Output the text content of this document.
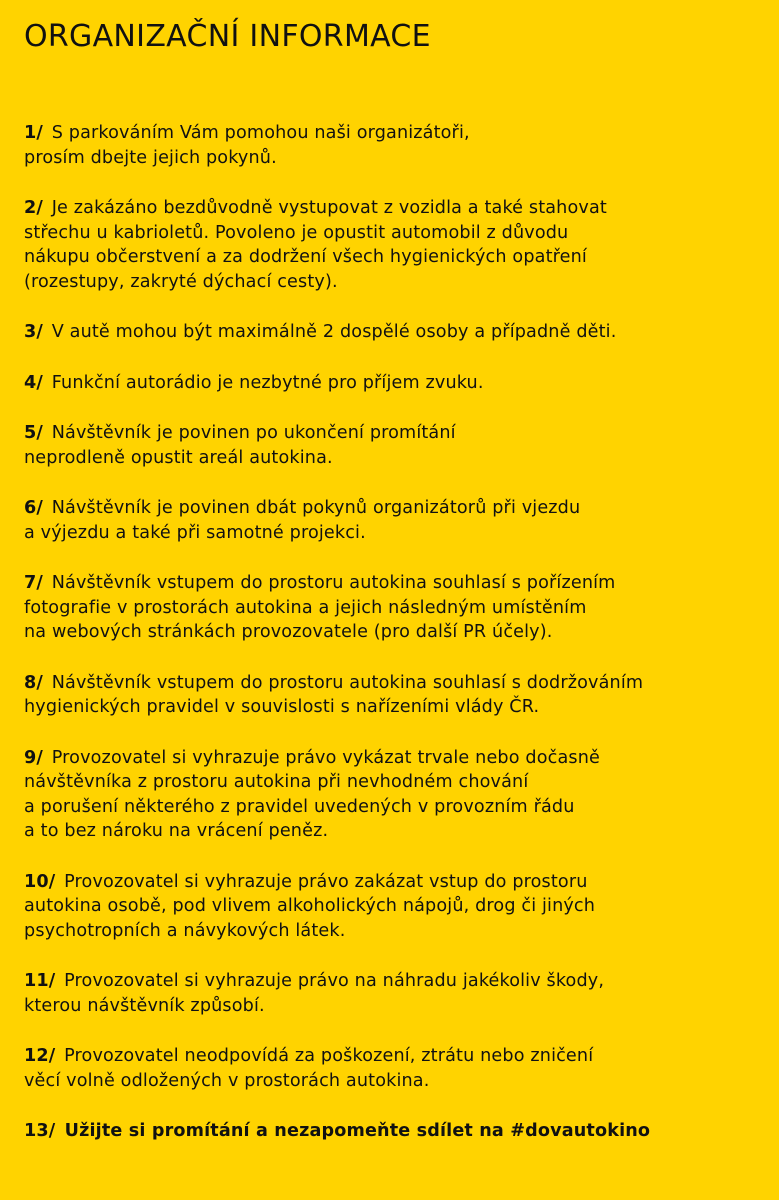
ORGANIZAČNÍ INFORMACE

1/ S parkováním Vám pomohou naši organizátoři,
prosím dbejte jejich pokynů.

2/ Je zakázáno bezdůvodně vystupovat z vozidla a také stahovat
střechu u kabrioletů. Povoleno je opustit automobil z důvodu
nákupu občerstvení a za dodržení všech hygienických opatření
(rozestupy, zakryté dýchací cesty).

3/ V autě mohou být maximálně 2 dospělé osoby a případně děti.

4/ Funkční autorádio je nezbytné pro příjem zvuku.

5/ Návštěvník je povinen po ukončení promítání
neprodleně opustit areál autokina.

6/ Návštěvník je povinen dbát pokynů organizátorů při vjezdu
a výjezdu a také při samotné projekci.

7/ Návštěvník vstupem do prostoru autokina souhlasí s pořízením
fotografie v prostorách autokina a jejich následným umístěním
na webových stránkách provozovatele (pro další PR účely).

8/ Návštěvník vstupem do prostoru autokina souhlasí s dodržováním
hygienických pravidel v souvislosti s nařízeními vlády ČR.

9/ Provozovatel si vyhrazuje právo vykázat trvale nebo dočasně
návštěvníka z prostoru autokina při nevhodném chování
a porušení některého z pravidel uvedených v provozním řádu
a to bez nároku na vrácení peněz.

10/ Provozovatel si vyhrazuje právo zakázat vstup do prostoru
autokina osobě, pod vlivem alkoholických nápojů, drog či jiných
psychotropních a návykových látek.

11/ Provozovatel si vyhrazuje právo na náhradu jakékoliv škody,
kterou návštěvník způsobí.

12/ Provozovatel neodpovídá za poškození, ztrátu nebo zničení
věcí volně odložených v prostorách autokina.

13/ Užijte si promítání a nezapomeňte sdílet na #dovautokino
